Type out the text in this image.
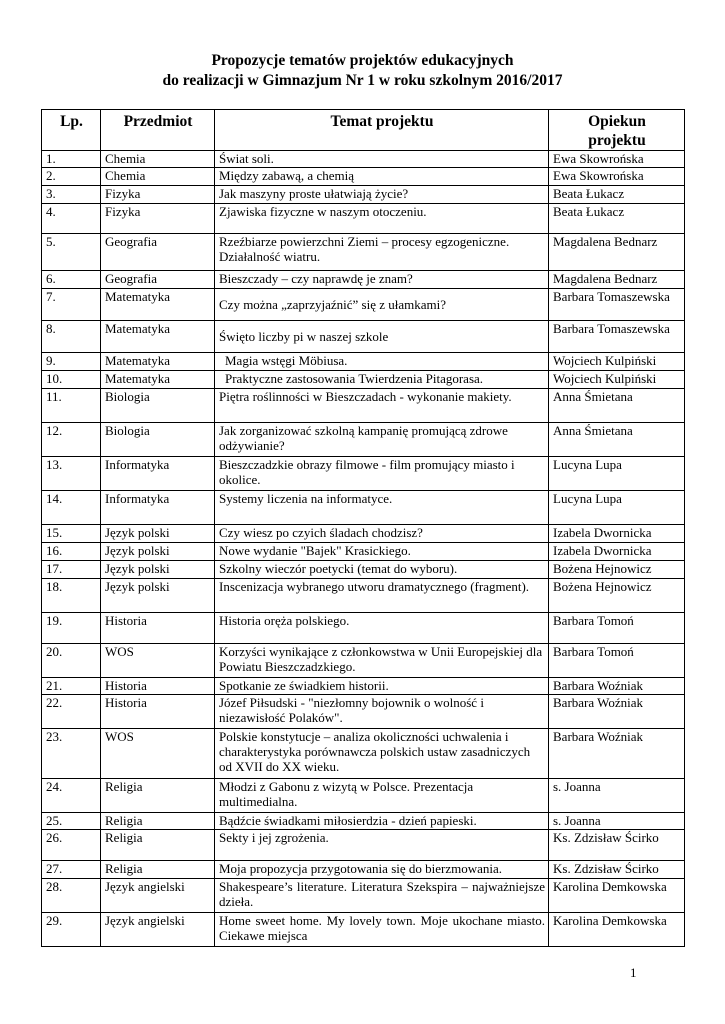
Propozycje tematów projektów edukacyjnych
do realizacji w Gimnazjum Nr 1 w roku szkolnym 2016/2017
Lp.	Przedmiot	Temat projektu	Opiekun
projektu
1.	Chemia	Świat soli.	Ewa Skowrońska
2.	Chemia	Między zabawą, a chemią	Ewa Skowrońska
3.	Fizyka	Jak maszyny proste ułatwiają życie?	Beata Łukacz
4.	Fizyka	Zjawiska fizyczne w naszym otoczeniu.	Beata Łukacz
5.	Geografia	Rzeźbiarze powierzchni Ziemi – procesy egzogeniczne. Działalność wiatru.	Magdalena Bednarz
6.	Geografia	Bieszczady – czy naprawdę je znam?	Magdalena Bednarz
7.	Matematyka	Czy można „zaprzyjaźnić” się z ułamkami?	Barbara Tomaszewska
8.	Matematyka	Święto liczby pi w naszej szkole	Barbara Tomaszewska
9.	Matematyka	Magia wstęgi Möbiusa.	Wojciech Kulpiński
10.	Matematyka	Praktyczne zastosowania Twierdzenia Pitagorasa.	Wojciech Kulpiński
11.	Biologia	Piętra roślinności w Bieszczadach - wykonanie makiety.	Anna Śmietana
12.	Biologia	Jak zorganizować szkolną kampanię promującą zdrowe odżywianie?	Anna Śmietana
13.	Informatyka	Bieszczadzkie obrazy filmowe - film promujący miasto i okolice.	Lucyna Lupa
14.	Informatyka	Systemy liczenia na informatyce.	Lucyna Lupa
15.	Język polski	Czy wiesz po czyich śladach chodzisz?	Izabela Dwornicka
16.	Język polski	Nowe wydanie "Bajek" Krasickiego.	Izabela Dwornicka
17.	Język polski	Szkolny wieczór poetycki (temat do wyboru).	Bożena Hejnowicz
18.	Język polski	Inscenizacja wybranego utworu dramatycznego (fragment).	Bożena Hejnowicz
19.	Historia	Historia oręża polskiego.	Barbara Tomoń
20.	WOS	Korzyści wynikające z członkowstwa w Unii Europejskiej dla Powiatu Bieszczadzkiego.	Barbara Tomoń
21.	Historia	Spotkanie ze świadkiem historii.	Barbara Woźniak
22.	Historia	Józef Piłsudski - "niezłomny bojownik o wolność i niezawisłość Polaków".	Barbara Woźniak
23.	WOS	Polskie konstytucje – analiza okoliczności uchwalenia i charakterystyka porównawcza polskich ustaw zasadniczych od XVII do XX wieku.	Barbara Woźniak
24.	Religia	Młodzi z Gabonu z wizytą w Polsce. Prezentacja multimedialna.	s. Joanna
25.	Religia	Bądźcie świadkami miłosierdzia - dzień papieski.	s. Joanna
26.	Religia	Sekty i jej zgrożenia.	Ks. Zdzisław Ścirko
27.	Religia	Moja propozycja przygotowania się do bierzmowania.	Ks. Zdzisław Ścirko
28.	Język angielski	Shakespeare’s literature. Literatura Szekspira – najważniejsze dzieła.	Karolina Demkowska
29.	Język angielski	Home sweet home. My lovely town. Moje ukochane miasto. Ciekawe miejsca	Karolina Demkowska
1
